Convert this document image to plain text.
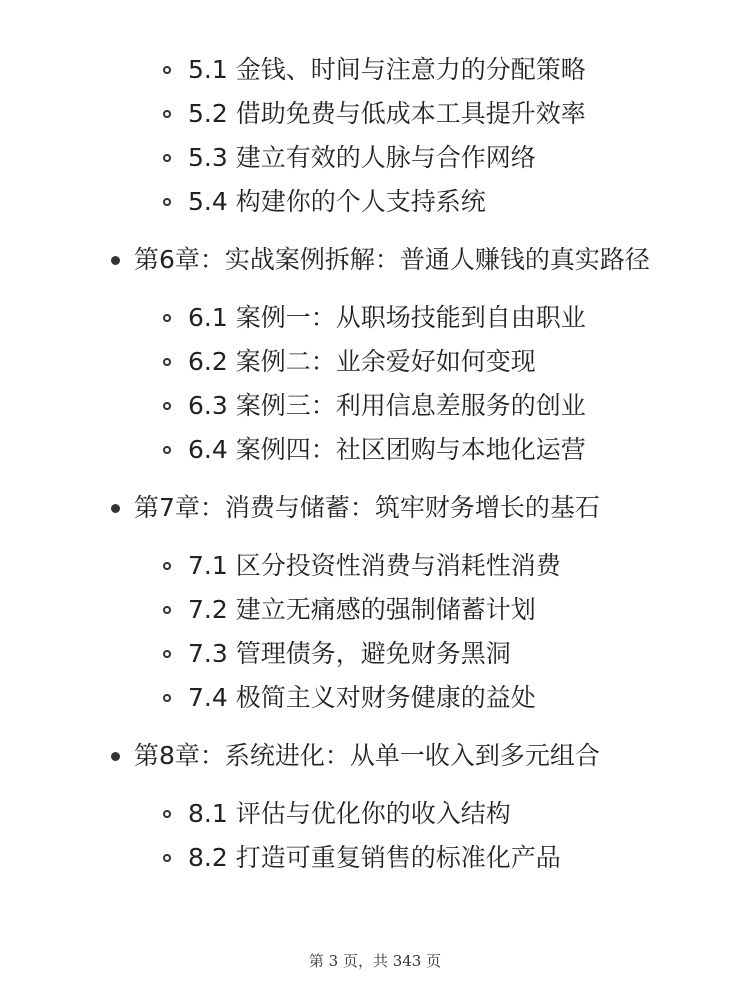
5.1 金钱、时间与注意力的分配策略
5.2 借助免费与低成本工具提升效率
5.3 建立有效的人脉与合作网络
5.4 构建你的个人支持系统
第6章：实战案例拆解：普通人赚钱的真实路径
6.1 案例一：从职场技能到自由职业
6.2 案例二：业余爱好如何变现
6.3 案例三：利用信息差服务的创业
6.4 案例四：社区团购与本地化运营
第7章：消费与储蓄：筑牢财务增长的基石
7.1 区分投资性消费与消耗性消费
7.2 建立无痛感的强制储蓄计划
7.3 管理债务，避免财务黑洞
7.4 极简主义对财务健康的益处
第8章：系统进化：从单一收入到多元组合
8.1 评估与优化你的收入结构
8.2 打造可重复销售的标准化产品
第 3 页，共 343 页
